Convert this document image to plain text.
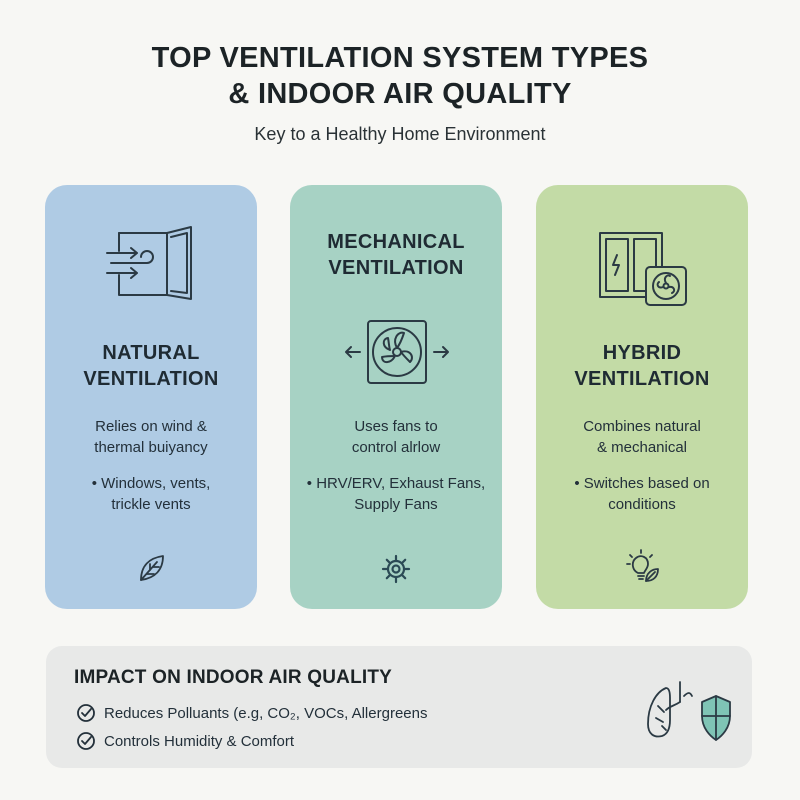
TOP VENTILATION SYSTEM TYPES
& INDOOR AIR QUALITY
Key to a Healthy Home Environment
NATURAL
VENTILATION
Relies on wind &
thermal buiyancy
• Windows, vents,
trickle vents
MECHANICAL
VENTILATION
Uses fans to
control alrlow
• HRV/ERV, Exhaust Fans,
Supply Fans
HYBRID
VENTILATION
Combines natural
& mechanical
• Switches based on
conditions
IMPACT ON INDOOR AIR QUALITY
Reduces Polluants (e.g, CO₂, VOCs, Allergreens
Controls Humidity & Comfort
